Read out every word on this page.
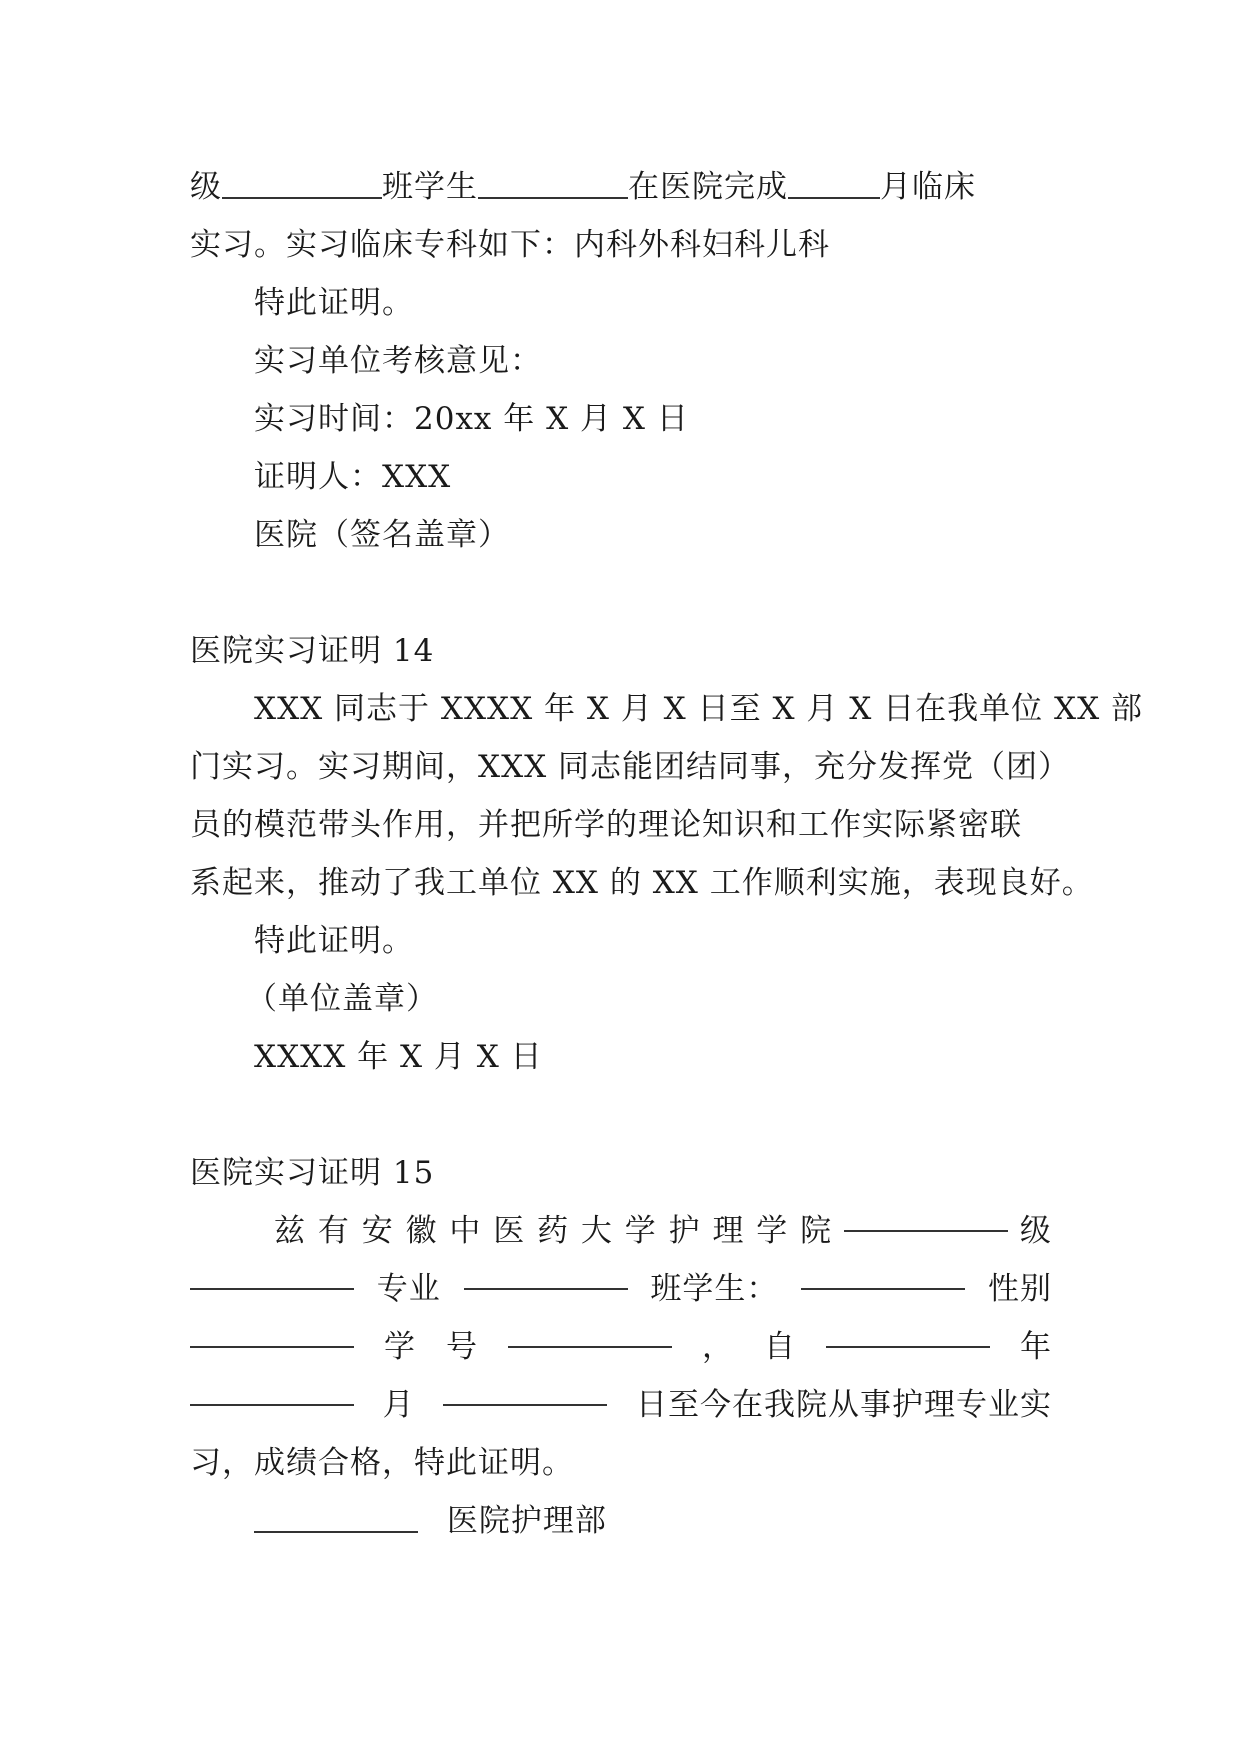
级	班学生	在医院完成	月临床
实习。实习临床专科如下：内科外科妇科儿科
特此证明。
实习单位考核意见：
实习时间：20xx 年 X 月 X 日
证明人：XXX
医院（签名盖章）
医院实习证明 14
XXX 同志于 XXXX 年 X 月 X 日至 X 月 X 日在我单位 XX 部
门实习。实习期间，XXX 同志能团结同事，充分发挥党（团）
员的模范带头作用，并把所学的理论知识和工作实际紧密联
系起来，推动了我工单位 XX 的 XX 工作顺利实施，表现良好。
特此证明。
（单位盖章）
XXXX 年 X 月 X 日
医院实习证明 15
兹 有 安 徽 中 医 药 大 学 护 理 学 院	级
专业	班学生：	性别
学 号	， 自	年
月	日至今在我院从事护理专业实
习，成绩合格，特此证明。
医院护理部
